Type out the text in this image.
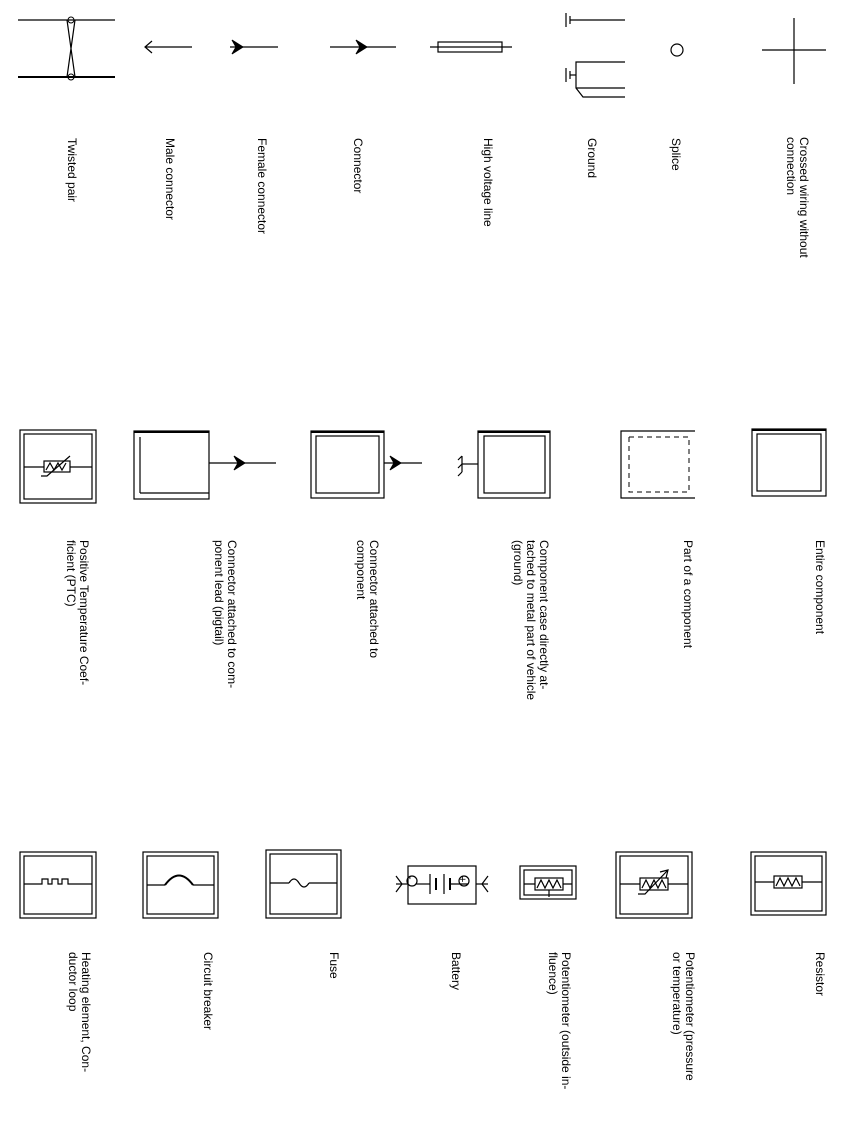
Twisted pair	Male connector	Female connector	Connector	High voltage line	Ground	Splice	Crossed wiring without
connection
Positive Temperature Coef-
ficient (PTC)	Connector attached to com-
ponent lead (pigtail)	Connector attached to
component	Component case directly at-
tached to metal part of vehicle
(ground)	Part of a component	Entire component
Heating element, Con-
ductor loop	Circuit breaker	Fuse
-	+
Battery	Potentiometer (outside in-
fluence)	Potentiometer (pressure
or temperature)	Resistor
